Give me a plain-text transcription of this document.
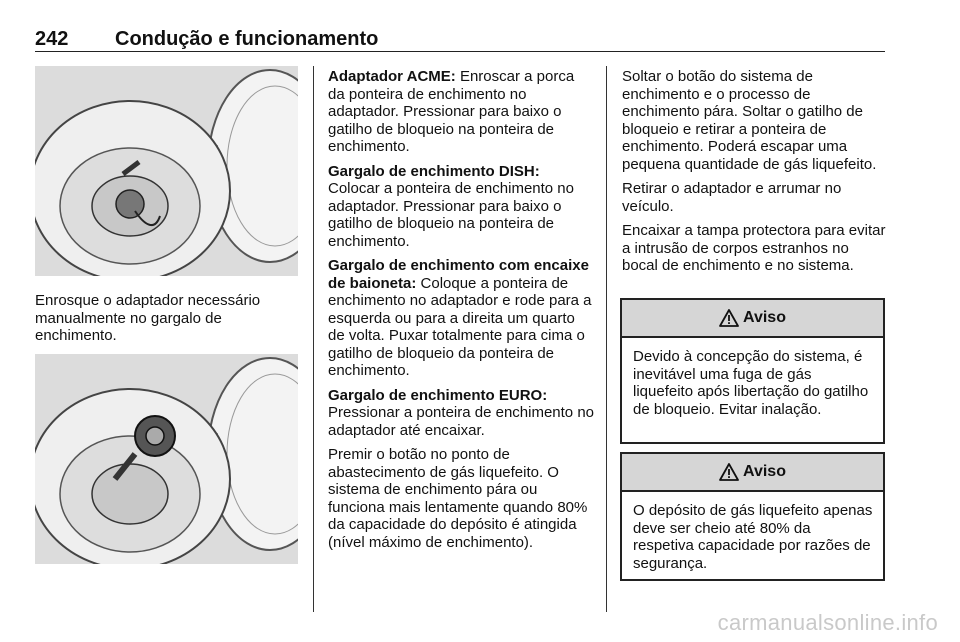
242 Condução e funcionamento
Enrosque o adaptador necessário manualmente no gargalo de enchimento.

Adaptador ACME: Enroscar a porca da ponteira de enchimento no adaptador. Pressionar para baixo o gatilho de bloqueio na ponteira de enchimento.

Gargalo de enchimento DISH: Colocar a ponteira de enchimento no adaptador. Pressionar para baixo o gatilho de bloqueio na ponteira de enchimento.

Gargalo de enchimento com encaixe de baioneta: Coloque a ponteira de enchimento no adaptador e rode para a esquerda ou para a direita um quarto de volta. Puxar totalmente para cima o gatilho de bloqueio da ponteira de enchimento.

Gargalo de enchimento EURO: Pressionar a ponteira de enchimento no adaptador até encaixar.

Premir o botão no ponto de abastecimento de gás liquefeito. O sistema de enchimento pára ou funciona mais lentamente quando 80% da capacidade do depósito é atingida (nível máximo de enchimento).

Soltar o botão do sistema de enchimento e o processo de enchimento pára. Soltar o gatilho de bloqueio e retirar a ponteira de enchimento. Poderá escapar uma pequena quantidade de gás liquefeito.

Retirar o adaptador e arrumar no veículo.

Encaixar a tampa protectora para evitar a intrusão de corpos estranhos no bocal de enchimento e no sistema.

Aviso
Devido à concepção do sistema, é inevitável uma fuga de gás liquefeito após libertação do gatilho de bloqueio. Evitar inalação.
Aviso
O depósito de gás liquefeito apenas deve ser cheio até 80% da respetiva capacidade por razões de segurança.
carmanualsonline.info
